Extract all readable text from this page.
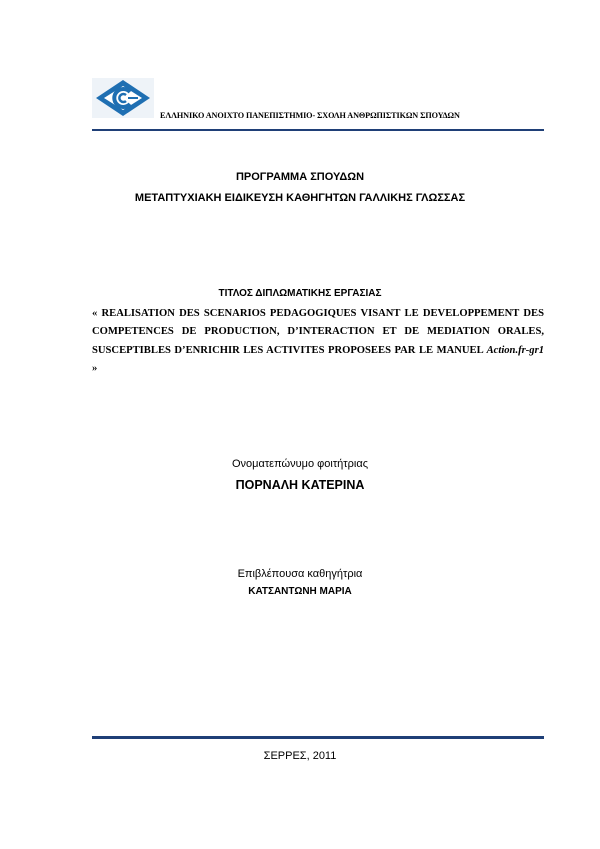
ΕΛΛΗΝΙΚΟ ΑΝΟΙΧΤΟ ΠΑΝΕΠΙΣΤΗΜΙΟ- ΣΧΟΛΗ ΑΝΘΡΩΠΙΣΤΙΚΩΝ ΣΠΟΥΔΩΝ
ΠΡΟΓΡΑΜΜΑ ΣΠΟΥΔΩΝ
ΜΕΤΑΠΤΥΧΙΑΚΗ ΕΙΔΙΚΕΥΣΗ ΚΑΘΗΓΗΤΩΝ ΓΑΛΛΙΚΗΣ ΓΛΩΣΣΑΣ
ΤΙΤΛΟΣ ΔΙΠΛΩΜΑΤΙΚΗΣ ΕΡΓΑΣΙΑΣ
« REALISATION DES SCENARIOS PEDAGOGIQUES VISANT LE DEVELOPPEMENT DES COMPETENCES DE PRODUCTION, D’INTERACTION ET DE MEDIATION ORALES, SUSCEPTIBLES D’ENRICHIR LES ACTIVITES PROPOSEES PAR LE MANUEL Action.fr-gr1 »
Ονοματεπώνυμο φοιτήτριας
ΠΟΡΝΑΛΗ ΚΑΤΕΡΙΝΑ
Επιβλέπουσα καθηγήτρια
ΚΑΤΣΑΝΤΩΝΗ ΜΑΡΙΑ
ΣΕΡΡΕΣ, 2011
